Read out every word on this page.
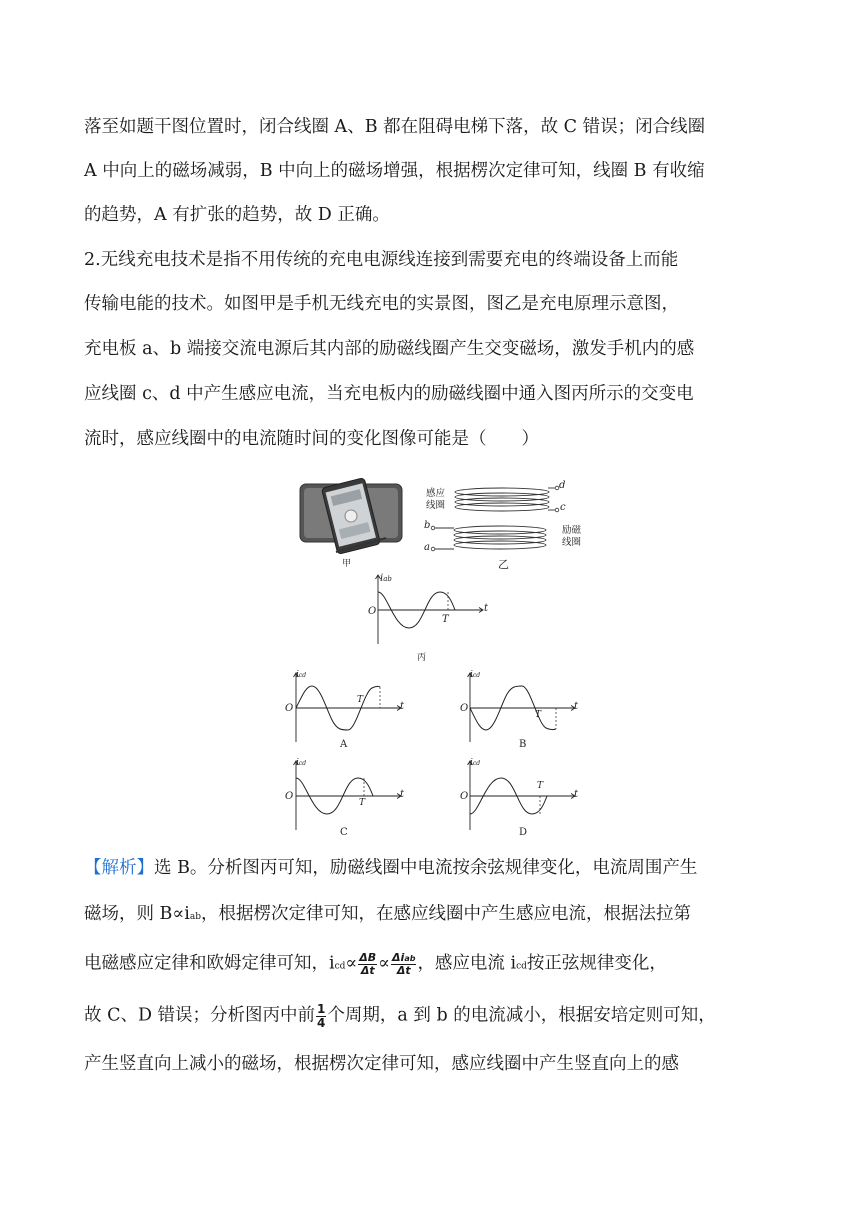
落至如题干图位置时，闭合线圈 A、B 都在阻碍电梯下落，故 C 错误；闭合线圈
A 中向上的磁场减弱，B 中向上的磁场增强，根据楞次定律可知，线圈 B 有收缩
的趋势，A 有扩张的趋势，故 D 正确。
2.无线充电技术是指不用传统的充电电源线连接到需要充电的终端设备上而能
传输电能的技术。如图甲是手机无线充电的实景图，图乙是充电原理示意图，
充电板 a、b 端接交流电源后其内部的励磁线圈产生交变磁场，激发手机内的感
应线圈 c、d 中产生感应电流，当充电板内的励磁线圈中通入图丙所示的交变电
流时，感应线圈中的电流随时间的变化图像可能是（　　）
甲
感应
线圈
励磁
线圈
d
c
b
a
乙
iab
O	t
T
丙
icd
O	t
T
A
icd
O	t
T
B
icd
O	t
T
C
icd
O	t
T
D
【解析】选 B。分析图丙可知，励磁线圈中电流按余弦规律变化，电流周围产生
磁场，则 B∝iab，根据楞次定律可知，在感应线圈中产生感应电流，根据法拉第
电磁感应定律和欧姆定律可知，$icd\propto \frac{\Delta B}{\Delta t} \propto \frac{\text{Δiab}}{\Delta t}$ ，感应电流 icd按正弦规律变化，
故 C、D 错误；分析图丙中前 $\frac{1}{4}$ 个周期，a 到 b 的电流减小，根据安培定则可知，
产生竖直向上减小的磁场，根据楞次定律可知，感应线圈中产生竖直向上的感
